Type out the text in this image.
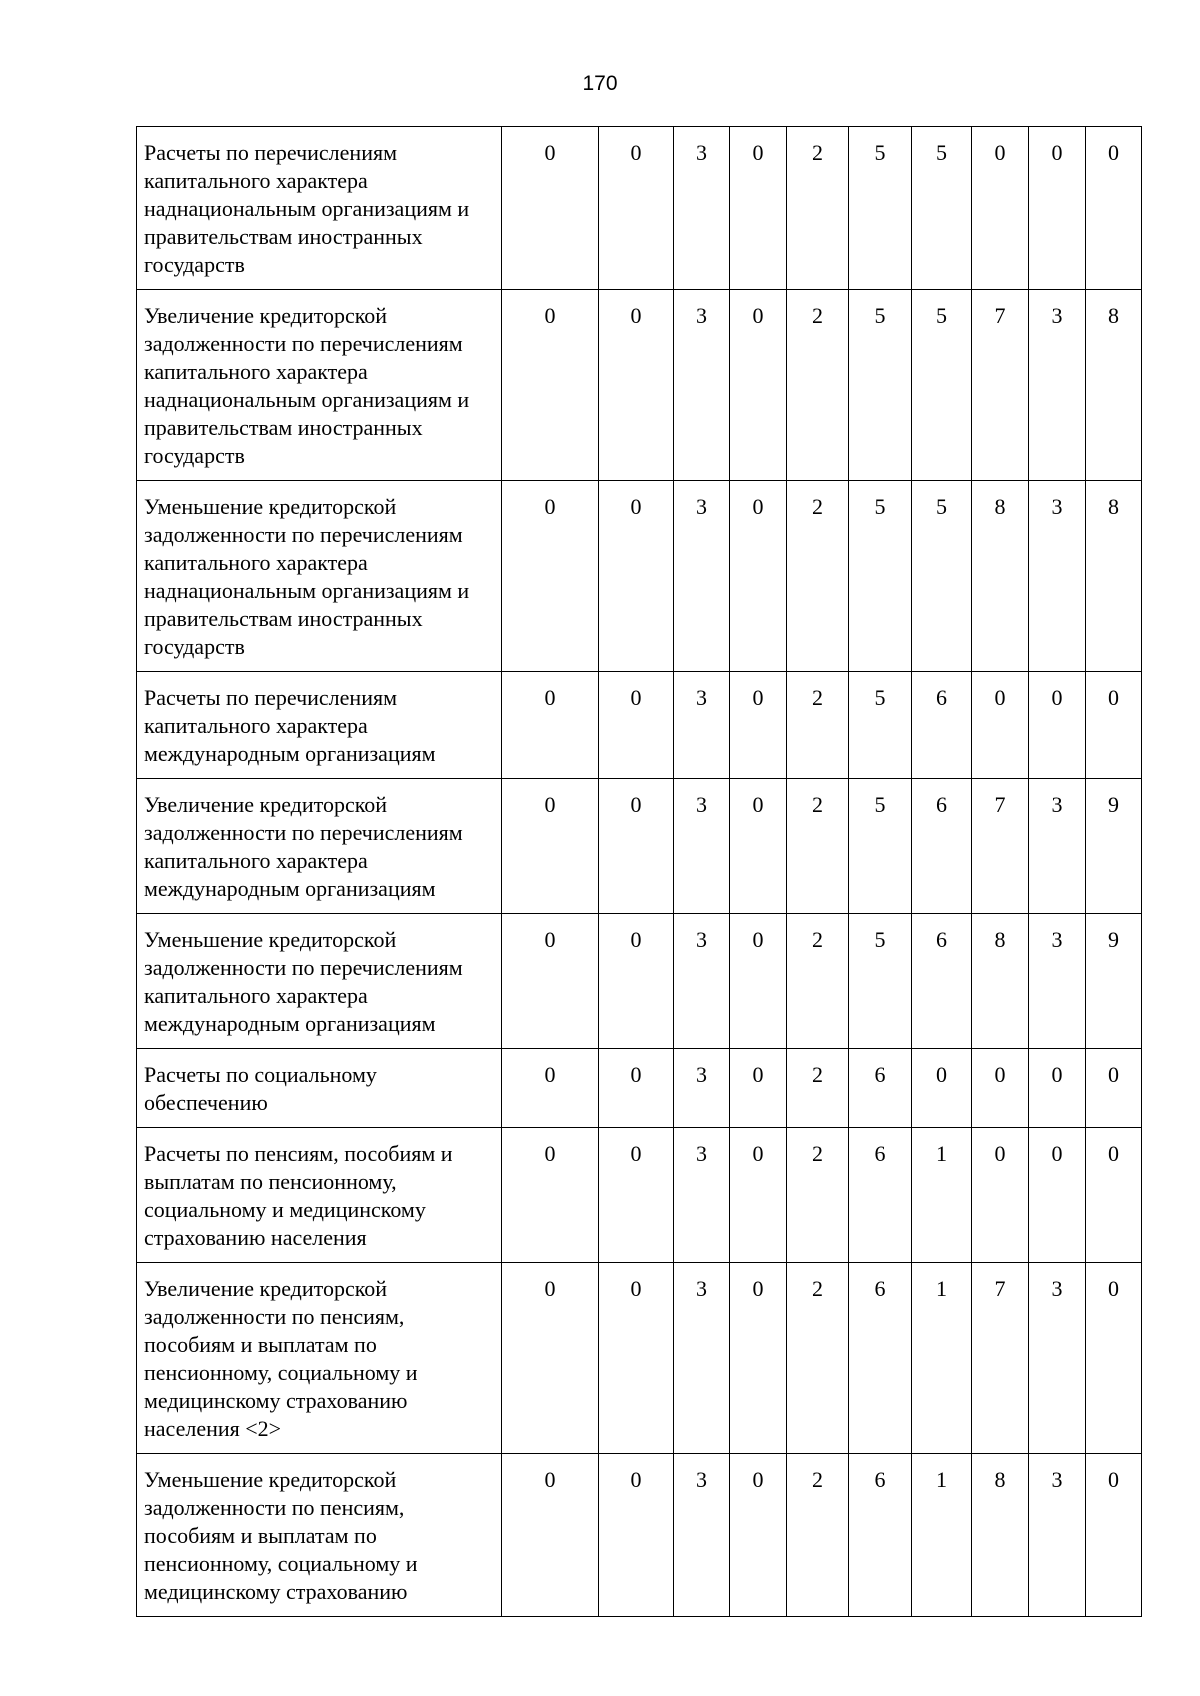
170
Расчеты по перечислениям капитального характера наднациональным организациям и правительствам иностранных государств	0	0	3	0	2	5	5	0	0	0
Увеличение кредиторской задолженности по перечислениям капитального характера наднациональным организациям и правительствам иностранных государств	0	0	3	0	2	5	5	7	3	8
Уменьшение кредиторской задолженности по перечислениям капитального характера наднациональным организациям и правительствам иностранных государств	0	0	3	0	2	5	5	8	3	8
Расчеты по перечислениям капитального характера международным организациям	0	0	3	0	2	5	6	0	0	0
Увеличение кредиторской задолженности по перечислениям капитального характера международным организациям	0	0	3	0	2	5	6	7	3	9
Уменьшение кредиторской задолженности по перечислениям капитального характера международным организациям	0	0	3	0	2	5	6	8	3	9
Расчеты по социальному обеспечению	0	0	3	0	2	6	0	0	0	0
Расчеты по пенсиям, пособиям и выплатам по пенсионному, социальному и медицинскому страхованию населения	0	0	3	0	2	6	1	0	0	0
Увеличение кредиторской задолженности по пенсиям, пособиям и выплатам по пенсионному, социальному и медицинскому страхованию населения <2>	0	0	3	0	2	6	1	7	3	0
Уменьшение кредиторской задолженности по пенсиям, пособиям и выплатам по пенсионному, социальному и медицинскому страхованию	0	0	3	0	2	6	1	8	3	0
